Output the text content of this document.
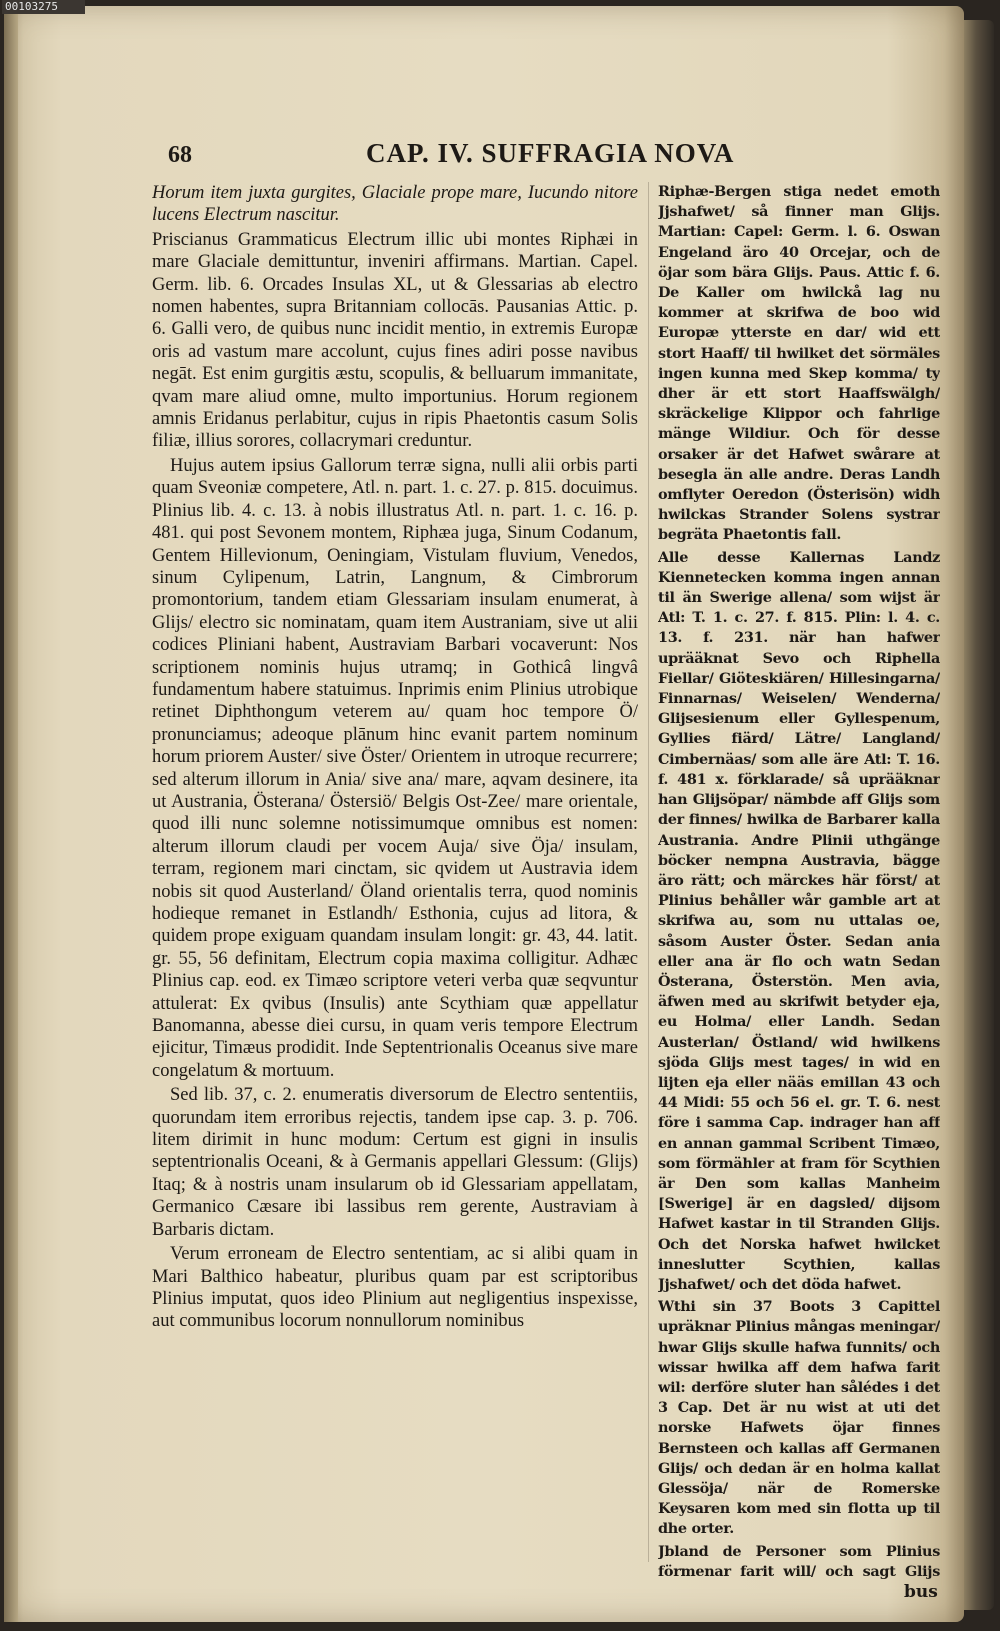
00103275
68	CAP. IV. SUFFRAGIA NOVA

Horum item juxta gurgites, Glaciale prope mare, Iucundo nitore lucens Electrum nascitur.

Priscianus Grammaticus Electrum illic ubi montes Riphæi in mare Glaciale demittuntur, inveniri affirmans. Martian. Capel. Germ. lib. 6. Orcades Insulas XL, ut & Glessarias ab electro nomen habentes, supra Britanniam collocās. Pausanias Attic. p. 6. Galli vero, de quibus nunc incidit mentio, in extremis Europæ oris ad vastum mare accolunt, cujus fines adiri posse navibus negāt. Est enim gurgitis æstu, scopulis, & belluarum immanitate, qvam mare aliud omne, multo importunius. Horum regionem amnis Eridanus perlabitur, cujus in ripis Phaetontis casum Solis filiæ, illius sorores, collacrymari creduntur.

Hujus autem ipsius Gallorum terræ signa, nulli alii orbis parti quam Sveoniæ competere, Atl. n. part. 1. c. 27. p. 815. docuimus. Plinius lib. 4. c. 13. à nobis illustratus Atl. n. part. 1. c. 16. p. 481. qui post Sevonem montem, Riphæa juga, Sinum Codanum, Gentem Hillevionum, Oeningiam, Vistulam fluvium, Venedos, sinum Cylipenum, Latrin, Langnum, & Cimbrorum promontorium, tandem etiam Glessariam insulam enumerat, à Glijs/ electro sic nominatam, quam item Austraniam, sive ut alii codices Pliniani habent, Austraviam Barbari vocaverunt: Nos scriptionem nominis hujus utramq; in Gothicâ lingvâ fundamentum habere statuimus. Inprimis enim Plinius utrobique retinet Diphthongum veterem au/ quam hoc tempore Ö/ pronunciamus; adeoque plānum hinc evanit partem nominum horum priorem Auster/ sive Öster/ Orientem in utroque recurrere; sed alterum illorum in Ania/ sive ana/ mare, aqvam desinere, ita ut Austrania, Österana/ Östersiö/ Belgis Ost-Zee/ mare orientale, quod illi nunc solemne notissimumque omnibus est nomen: alterum illorum claudi per vocem Auja/ sive Öja/ insulam, terram, regionem mari cinctam, sic qvidem ut Austravia idem nobis sit quod Austerland/ Öland orientalis terra, quod nominis hodieque remanet in Estlandh/ Esthonia, cujus ad litora, & quidem prope exiguam quandam insulam longit: gr. 43, 44. latit. gr. 55, 56 definitam, Electrum copia maxima colligitur. Adhæc Plinius cap. eod. ex Timæo scriptore veteri verba quæ seqvuntur attulerat: Ex qvibus (Insulis) ante Scythiam quæ appellatur Banomanna, abesse diei cursu, in quam veris tempore Electrum ejicitur, Timæus prodidit. Inde Septentrionalis Oceanus sive mare congelatum & mortuum.

Sed lib. 37, c. 2. enumeratis diversorum de Electro sententiis, quorundam item erroribus rejectis, tandem ipse cap. 3. p. 706. litem dirimit in hunc modum: Certum est gigni in insulis septentrionalis Oceani, & à Germanis appellari Glessum: (Glijs) Itaq; & à nostris unam insularum ob id Glessariam appellatam, Germanico Cæsare ibi lassibus rem gerente, Austraviam à Barbaris dictam.

Verum erroneam de Electro sententiam, ac si alibi quam in Mari Balthico habeatur, pluribus quam par est scriptoribus Plinius imputat, quos ideo Plinium aut negligentius inspexisse, aut communibus locorum nonnullorum nominibus

Riphæ-Bergen stiga nedet emoth Jjshafwet/ så finner man Glijs. Martian: Capel: Germ. l. 6. Oswan Engeland äro 40 Orcejar, och de öjar som bära Glijs. Paus. Attic f. 6. De Kaller om hwilckå lag nu kommer at skrifwa de boo wid Europæ ytterste en dar/ wid ett stort Haaff/ til hwilket det sörmäles ingen kunna med Skep komma/ ty dher är ett stort Haaffswälgh/ skräckelige Klippor och fahrlige mänge Wildiur. Och för desse orsaker är det Hafwet swårare at besegla än alle andre. Deras Landh omflyter Oeredon (Österisön) widh hwilckas Strander Solens systrar begräta Phaetontis fall.

Alle desse Kallernas Landz Kiennetecken komma ingen annan til än Swerige allena/ som wijst är Atl: T. 1. c. 27. f. 815. Plin: l. 4. c. 13. f. 231. när han hafwer uprääknat Sevo och Riphella Fiellar/ Giöteskiären/ Hillesingarna/ Finnarnas/ Weiselen/ Wenderna/ Glijsesienum eller Gyllespenum, Gyllies fiärd/ Lätre/ Langland/ Cimbernäas/ som alle äre Atl: T. 16. f. 481 x. förklarade/ så uprääknar han Glijsöpar/ nämbde aff Glijs som der finnes/ hwilka de Barbarer kalla Austrania. Andre Plinii uthgänge böcker nempna Austravia, bägge äro rätt; och märckes här först/ at Plinius behåller wår gamble art at skrifwa au, som nu uttalas oe, såsom Auster Öster. Sedan ania eller ana är flo och watn Sedan Österana, Österstön. Men avia, äfwen med au skrifwit betyder eja, eu Holma/ eller Landh. Sedan Austerlan/ Östland/ wid hwilkens sjöda Glijs mest tages/ in wid en lijten eja eller nääs emillan 43 och 44 Midi: 55 och 56 el. gr. T. 6. nest före i samma Cap. indrager han aff en annan gammal Scribent Timæo, som förmähler at fram för Scythien är Den som kallas Manheim [Swerige] är en dagsled/ dijsom Hafwet kastar in til Stranden Glijs. Och det Norska hafwet hwilcket inneslutter Scythien, kallas Jjshafwet/ och det döda hafwet.

Wthi sin 37 Boots 3 Capittel upräknar Plinius mångas meningar/ hwar Glijs skulle hafwa funnits/ och wissar hwilka aff dem hafwa farit wil: derföre sluter han sålédes i det 3 Cap. Det är nu wist at uti det norske Hafwets öjar finnes Bernsteen och kallas aff Germanen Glijs/ och dedan är en holma kallat Glessöja/ när de Romerske Keysaren kom med sin flotta up til dhe orter.

Jbland de Personer som Plinius förmenar farit will/ och sagt Glijs

bus
